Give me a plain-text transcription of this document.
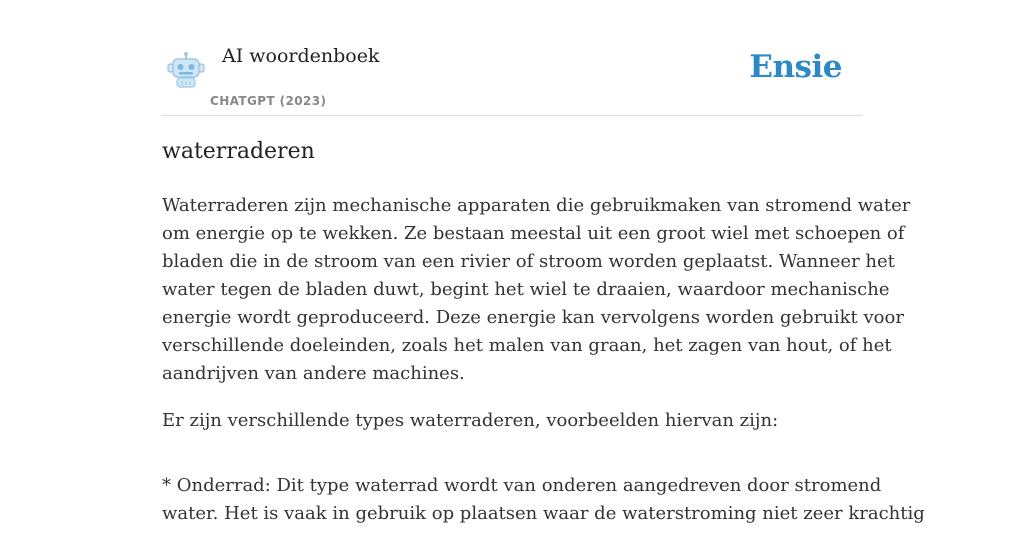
AI woordenboek
CHATGPT (2023)
Ensie
waterraderen

Waterraderen zijn mechanische apparaten die gebruikmaken van stromend water
om energie op te wekken. Ze bestaan meestal uit een groot wiel met schoepen of
bladen die in de stroom van een rivier of stroom worden geplaatst. Wanneer het
water tegen de bladen duwt, begint het wiel te draaien, waardoor mechanische
energie wordt geproduceerd. Deze energie kan vervolgens worden gebruikt voor
verschillende doeleinden, zoals het malen van graan, het zagen van hout, of het
aandrijven van andere machines.

Er zijn verschillende types waterraderen, voorbeelden hiervan zijn:

* Onderrad: Dit type waterrad wordt van onderen aangedreven door stromend
water. Het is vaak in gebruik op plaatsen waar de waterstroming niet zeer krachtig
